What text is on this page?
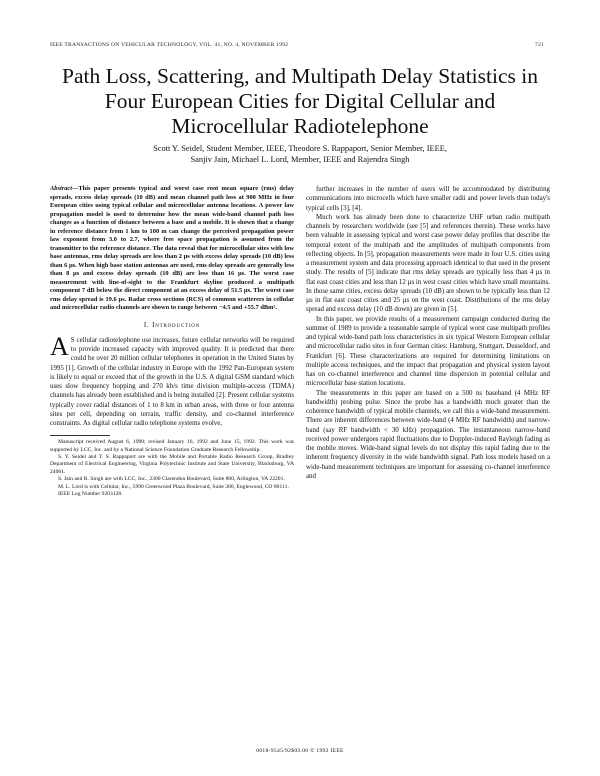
IEEE TRANSACTIONS ON VEHICULAR TECHNOLOGY, VOL. 41, NO. 4, NOVEMBER 1992	721
Path Loss, Scattering, and Multipath Delay Statistics in Four European Cities for Digital Cellular and Microcellular Radiotelephone
Scott Y. Seidel, Student Member, IEEE, Theodore S. Rappaport, Senior Member, IEEE,
Sanjiv Jain, Michael L. Lord, Member, IEEE and Rajendra Singh

Abstract—This paper presents typical and worst case root mean square (rms) delay spreads, excess delay spreads (10 dB) and mean channel path loss at 900 MHz in four European cities using typical cellular and microcellular antenna locations. A power law propagation model is used to determine how the mean wide-band channel path loss changes as a function of distance between a base and a mobile. It is shown that a change in reference distance from 1 km to 100 m can change the perceived propagation power law exponent from 3.0 to 2.7, where free space propagation is assumed from the transmitter to the reference distance. The data reveal that for microcellular sites with low base antennas, rms delay spreads are less than 2 µs with excess delay spreads (10 dB) less than 6 µs. When high base station antennas are used, rms delay spreads are generally less than 8 µs and excess delay spreads (10 dB) are less than 16 µs. The worst case measurement with line-of-sight to the Frankfurt skyline produced a multipath component 7 dB below the direct component at an excess delay of 51.5 µs. The worst case rms delay spread is 19.6 µs. Radar cross sections (RCS) of common scatterers in cellular and microcellular radio channels are shown to range between −4.5 and +55.7 dBm².

I. Introduction

A S cellular radiotelephone use increases, future cellular networks will be required to provide increased capacity with improved quality. It is predicted that there could be over 20 million cellular telephones in operation in the United States by 1995 [1]. Growth of the cellular industry in Europe with the 1992 Pan-European system is likely to equal or exceed that of the growth in the U.S. A digital GSM standard which uses slow frequency hopping and 270 kb/s time division multiple-access (TDMA) channels has already been established and is being installed [2]. Present cellular systems typically cover radial distances of 1 to 8 km in urban areas, with three or four antenna sites per cell, depending on terrain, traffic density, and co-channel interference constraints. As digital cellular radio telephone systems evolve,

Manuscript received August 6, 1990; revised January 16, 1992 and June 15, 1992. This work was supported by LCC, Inc. and by a National Science Foundation Graduate Research Fellowship.

S. Y. Seidel and T. S. Rappaport are with the Mobile and Portable Radio Research Group, Bradley Department of Electrical Engineering, Virginia Polytechnic Institute and State University, Blacksburg, VA 24061.

S. Jain and R. Singh are with LCC, Inc., 2300 Clarendon Boulevard, Suite 800, Arlington, VA 22201.

M. L. Lord is with Cellular, Inc., 5990 Greenwood Plaza Boulevard, Suite 300, Englewood, CO 80111.

IEEE Log Number 9203128.

further increases in the number of users will be accommodated by distributing communications into microcells which have smaller radii and power levels than today's typical cells [3], [4].

Much work has already been done to characterize UHF urban radio multipath channels by researchers worldwide (see [5] and references therein). These works have been valuable in assessing typical and worst case power delay profiles that describe the temporal extent of the multipath and the amplitudes of multipath components from reflecting objects. In [5], propagation measurements were made in four U.S. cities using a measurement system and data processing approach identical to that used in the present study. The results of [5] indicate that rms delay spreads are typically less than 4 µs in flat east coast cities and less than 12 µs in west coast cities which have small mountains. In those same cities, excess delay spreads (10 dB) are shown to be typically less than 12 µs in flat east coast cities and 25 µs on the west coast. Distributions of the rms delay spread and excess delay (10 dB down) are given in [5].

In this paper, we provide results of a measurement campaign conducted during the summer of 1989 to provide a reasonable sample of typical worst case multipath profiles and typical wide-band path loss characteristics in six typical Western European cellular and microcellular radio sites in four German cities: Hamburg, Stuttgart, Dusseldorf, and Frankfurt [6]. These characterizations are required for determining limitations on multiple access techniques, and the impact that propagation and physical system layout has on co-channel interference and channel time dispersion in potential cellular and microcellular base station locations.

The measurements in this paper are based on a 500 ns baseband (4 MHz RF bandwidth) probing pulse. Since the probe has a bandwidth much greater than the coherence bandwidth of typical mobile channels, we call this a wide-band measurement. There are inherent differences between wide-band (4 MHz RF bandwidth) and narrow-band (say RF bandwidth < 30 kHz) propagation. The instantaneous narrow-band received power undergoes rapid fluctuations due to Doppler-induced Rayleigh fading as the mobile moves. Wide-band signal levels do not display this rapid fading due to the inherent frequency diversity in the wide bandwidth signal. Path loss models based on a wide-band measurement techniques are important for assessing co-channel interference and

0018-9545/92$03.00 © 1992 IEEE
